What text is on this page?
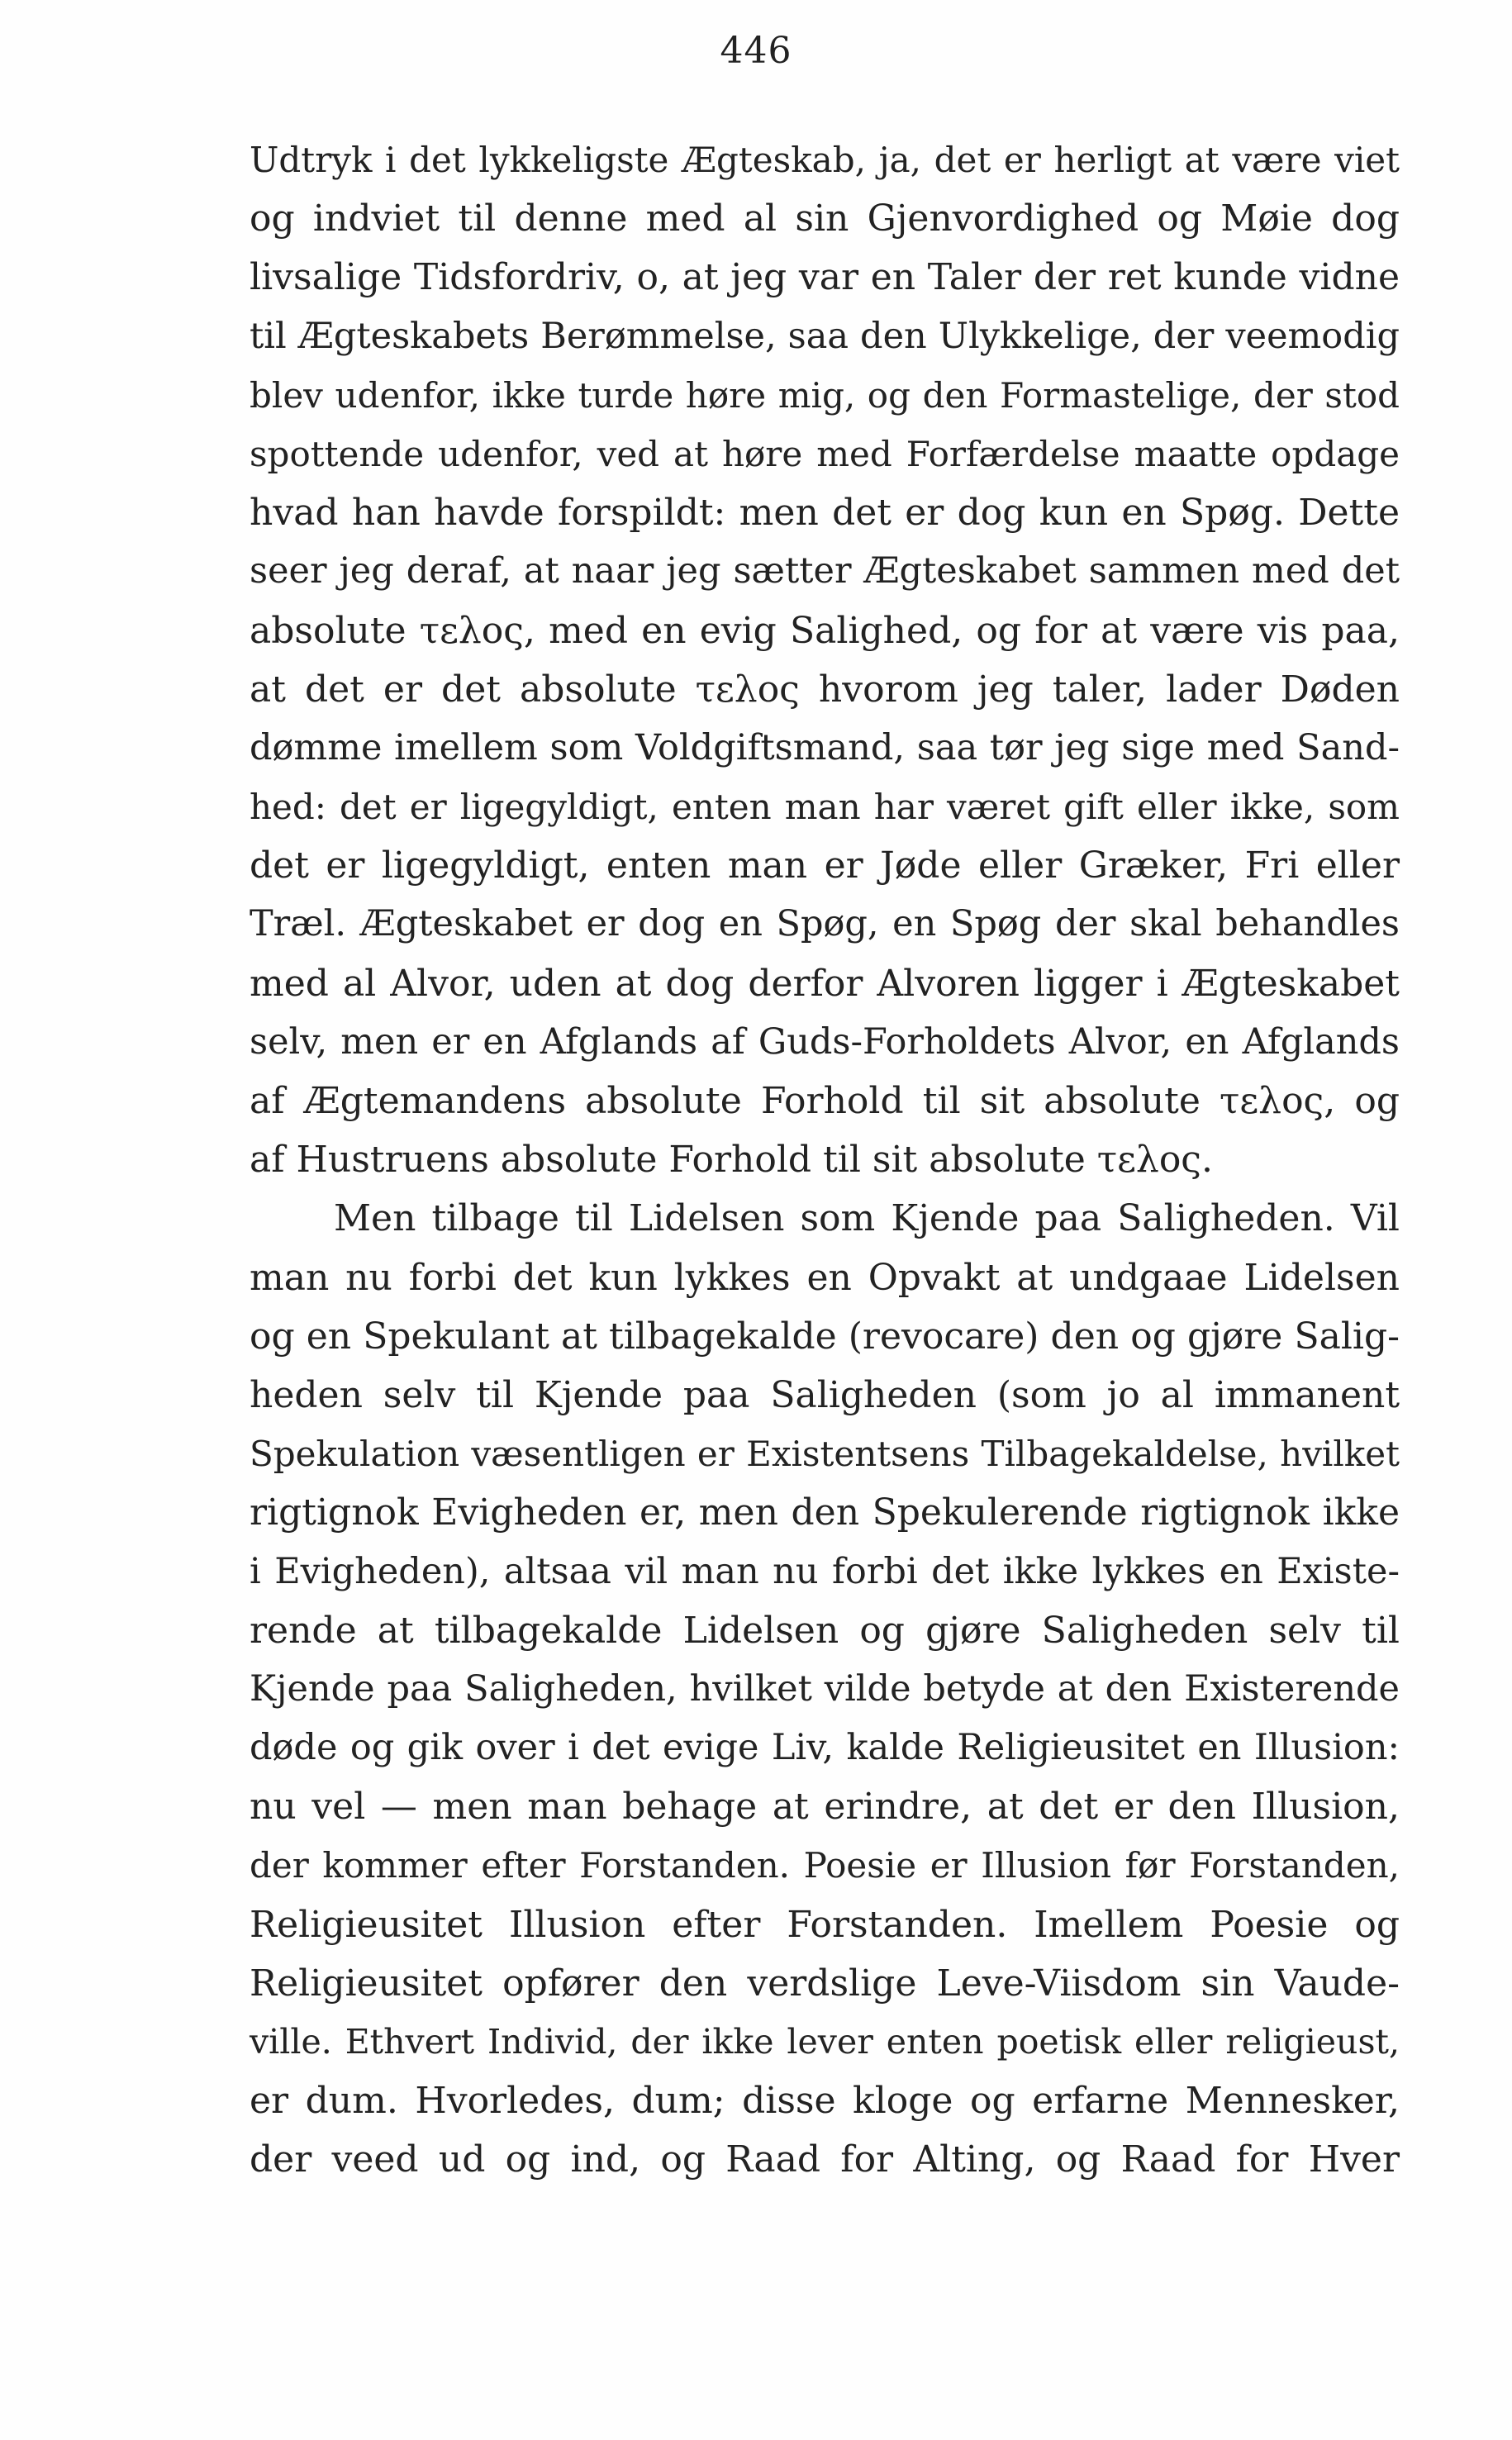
446
Udtryk i det lykkeligste Ægteskab, ja, det er herligt at være viet
og indviet til denne med al sin Gjenvordighed og Møie dog
livsalige Tidsfordriv, o, at jeg var en Taler der ret kunde vidne
til Ægteskabets Berømmelse, saa den Ulykkelige, der veemodig
blev udenfor, ikke turde høre mig, og den Formastelige, der stod
spottende udenfor, ved at høre med Forfærdelse maatte opdage
hvad han havde forspildt: men det er dog kun en Spøg. Dette
seer jeg deraf, at naar jeg sætter Ægteskabet sammen med det
absolute τελος, med en evig Salighed, og for at være vis paa,
at det er det absolute τελος hvorom jeg taler, lader Døden
dømme imellem som Voldgiftsmand, saa tør jeg sige med Sand-
hed: det er ligegyldigt, enten man har været gift eller ikke, som
det er ligegyldigt, enten man er Jøde eller Græker, Fri eller
Træl. Ægteskabet er dog en Spøg, en Spøg der skal behandles
med al Alvor, uden at dog derfor Alvoren ligger i Ægteskabet
selv, men er en Afglands af Guds-Forholdets Alvor, en Afglands
af Ægtemandens absolute Forhold til sit absolute τελος, og
af Hustruens absolute Forhold til sit absolute τελος.
Men tilbage til Lidelsen som Kjende paa Saligheden. Vil
man nu forbi det kun lykkes en Opvakt at undgaae Lidelsen
og en Spekulant at tilbagekalde (revocare) den og gjøre Salig-
heden selv til Kjende paa Saligheden (som jo al immanent
Spekulation væsentligen er Existentsens Tilbagekaldelse, hvilket
rigtignok Evigheden er, men den Spekulerende rigtignok ikke
i Evigheden), altsaa vil man nu forbi det ikke lykkes en Existe-
rende at tilbagekalde Lidelsen og gjøre Saligheden selv til
Kjende paa Saligheden, hvilket vilde betyde at den Existerende
døde og gik over i det evige Liv, kalde Religieusitet en Illusion:
nu vel — men man behage at erindre, at det er den Illusion,
der kommer efter Forstanden. Poesie er Illusion før Forstanden,
Religieusitet Illusion efter Forstanden. Imellem Poesie og
Religieusitet opfører den verdslige Leve-Viisdom sin Vaude-
ville. Ethvert Individ, der ikke lever enten poetisk eller religieust,
er dum. Hvorledes, dum; disse kloge og erfarne Mennesker,
der veed ud og ind, og Raad for Alting, og Raad for Hver
